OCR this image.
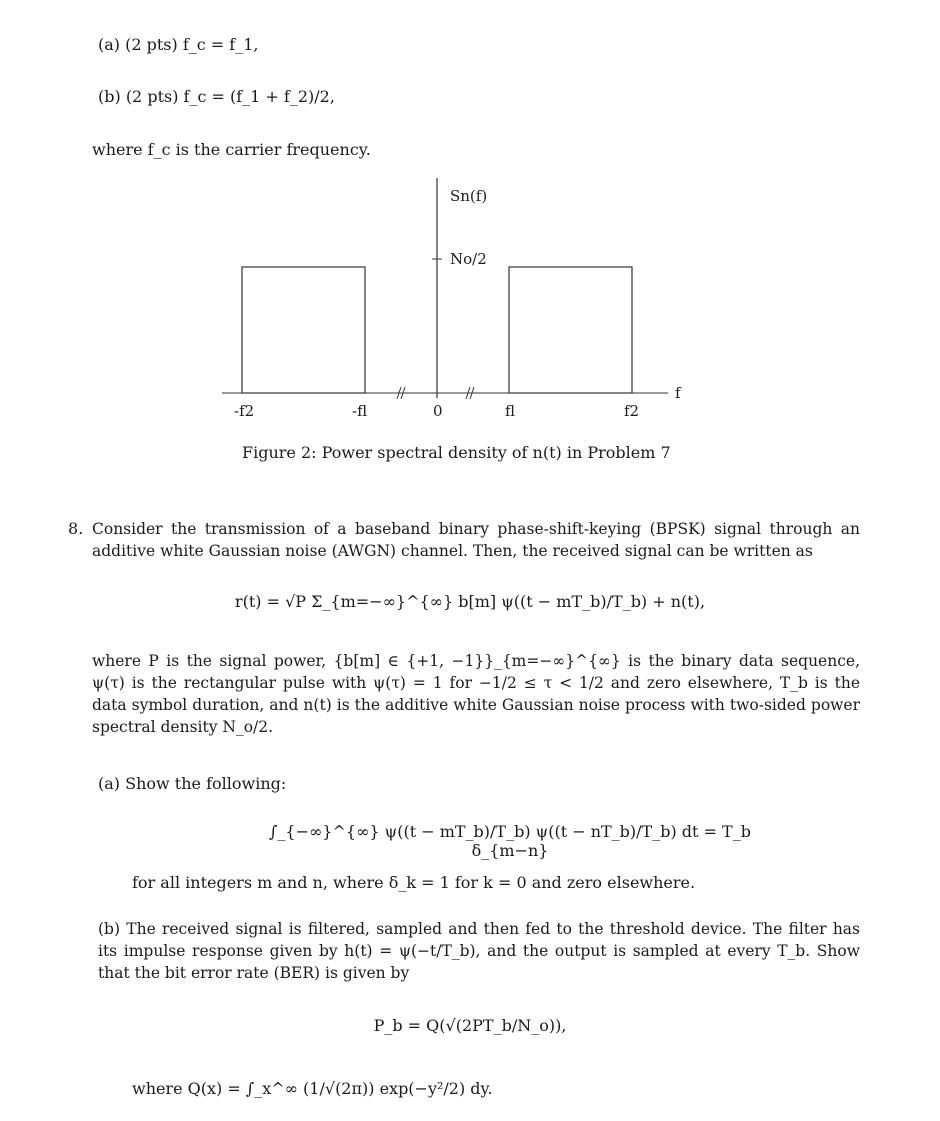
(a) (2 pts) f_c = f_1,
(b) (2 pts) f_c = (f_1 + f_2)/2,
where f_c is the carrier frequency.
Sn(f)
No/2
f
-f2	-fl	0	fl	f2
Figure 2: Power spectral density of n(t) in Problem 7
8. Consider the transmission of a baseband binary phase-shift-keying (BPSK) signal through an additive white Gaussian noise (AWGN) channel. Then, the received signal can be written as
r(t) = √P Σ_{m=−∞}^{∞} b[m] ψ((t − mT_b)/T_b) + n(t),
where P is the signal power, {b[m] ∈ {+1, −1}}_{m=−∞}^{∞} is the binary data sequence, ψ(τ) is the rectangular pulse with ψ(τ) = 1 for −1/2 ≤ τ < 1/2 and zero elsewhere, T_b is the data symbol duration, and n(t) is the additive white Gaussian noise process with two-sided power spectral density N_o/2.
(a) Show the following:
∫_{−∞}^{∞} ψ((t − mT_b)/T_b) ψ((t − nT_b)/T_b) dt = T_b δ_{m−n}
for all integers m and n, where δ_k = 1 for k = 0 and zero elsewhere.
(b) The received signal is filtered, sampled and then fed to the threshold device. The filter has its impulse response given by h(t) = ψ(−t/T_b), and the output is sampled at every T_b. Show that the bit error rate (BER) is given by
P_b = Q(√(2PT_b/N_o)),
where Q(x) = ∫_x^∞ (1/√(2π)) exp(−y²/2) dy.
